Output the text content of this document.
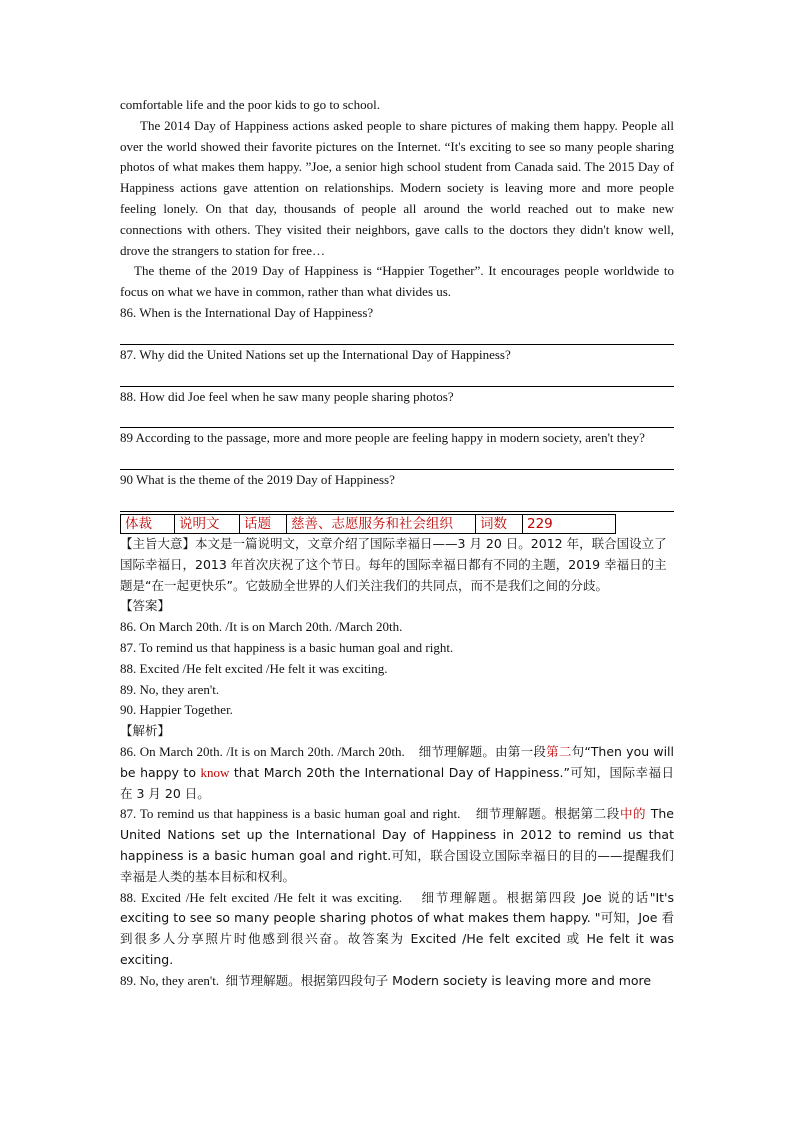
comfortable life and the poor kids to go to school.

The 2014 Day of Happiness actions asked people to share pictures of making them happy. People all over the world showed their favorite pictures on the Internet. “It's exciting to see so many people sharing photos of what makes them happy. ”Joe, a senior high school student from Canada said. The 2015 Day of Happiness actions gave attention on relationships. Modern society is leaving more and more people feeling lonely. On that day, thousands of people all around the world reached out to make new connections with others. They visited their neighbors, gave calls to the doctors they didn't know well, drove the strangers to station for free…

The theme of the 2019 Day of Happiness is “Happier Together”. It encourages people worldwide to focus on what we have in common, rather than what divides us.

86. When is the International Day of Happiness?

87. Why did the United Nations set up the International Day of Happiness?

88. How did Joe feel when he saw many people sharing photos?

89 According to the passage, more and more people are feeling happy in modern society, aren't they?

90 What is the theme of the 2019 Day of Happiness?

体裁	说明文	话题	慈善、志愿服务和社会组织	词数	229

【主旨大意】本文是一篇说明文，文章介绍了国际幸福日——3 月 20 日。2012 年，联合国设立了国际幸福日，2013 年首次庆祝了这个节日。每年的国际幸福日都有不同的主题，2019 幸福日的主题是“在一起更快乐”。它鼓励全世界的人们关注我们的共同点，而不是我们之间的分歧。

【答案】

86. On March 20th. /It is on March 20th. /March 20th.

87. To remind us that happiness is a basic human goal and right.

88. Excited /He felt excited /He felt it was exciting.

89. No, they aren't.

90. Happier Together.

【解析】

86. On March 20th. /It is on March 20th. /March 20th. 细节理解题。由第一段第二句“Then you will be happy to know that March 20th the International Day of Happiness.”可知，国际幸福日在 3 月 20 日。

87. To remind us that happiness is a basic human goal and right. 细节理解题。根据第二段中的 The United Nations set up the International Day of Happiness in 2012 to remind us that happiness is a basic human goal and right.可知，联合国设立国际幸福日的目的——提醒我们幸福是人类的基本目标和权利。

88. Excited /He felt excited /He felt it was exciting. 细节理解题。根据第四段 Joe 说的话"It's exciting to see so many people sharing photos of what makes them happy. "可知，Joe 看到很多人分享照片时他感到很兴奋。故答案为 Excited /He felt excited 或 He felt it was exciting.

89. No, they aren't. 细节理解题。根据第四段句子 Modern society is leaving more and more
